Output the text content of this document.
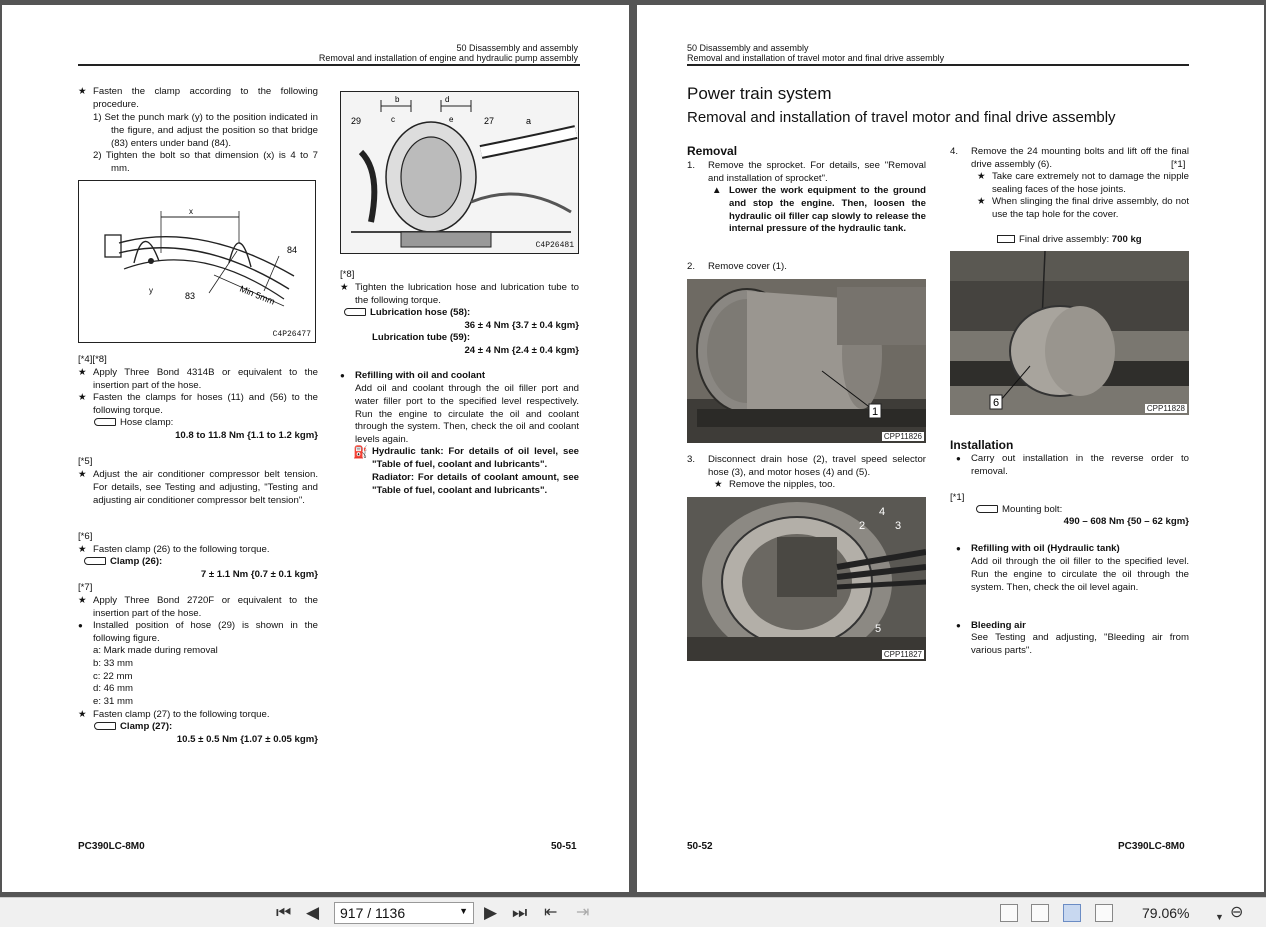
50 Disassembly and assembly
Removal and installation of engine and hydraulic pump assembly
★ Fasten the clamp according to the following procedure.
1) Set the punch mark (y) to the position indicated in the figure, and adjust the position so that bridge (83) enters under band (84).
2) Tighten the bolt so that dimension (x) is 4 to 7 mm.
x
y
83
84
Min 5mm
C4P26477
[*4][*8]
★ Apply Three Bond 4314B or equivalent to the insertion part of the hose.
★ Fasten the clamps for hoses (11) and (56) to the following torque.
Hose clamp:
10.8 to 11.8 Nm {1.1 to 1.2 kgm}
[*5]
★ Adjust the air conditioner compressor belt tension. For details, see Testing and adjusting, "Testing and adjusting air conditioner compressor belt tension".
[*6]
★ Fasten clamp (26) to the following torque.
Clamp (26):
7 ± 1.1 Nm {0.7 ± 0.1 kgm}
[*7]
★ Apply Three Bond 2720F or equivalent to the insertion part of the hose.
● Installed position of hose (29) is shown in the following figure.
a: Mark made during removal
b: 33 mm
c: 22 mm
d: 46 mm
e: 31 mm
★ Fasten clamp (27) to the following torque.
Clamp (27):
10.5 ± 0.5 Nm {1.07 ± 0.05 kgm}
b
c
d
e
29	27	a
C4P26481
[*8]
★ Tighten the lubrication hose and lubrication tube to the following torque.
Lubrication hose (58):
36 ± 4 Nm {3.7 ± 0.4 kgm}
Lubrication tube (59):
24 ± 4 Nm {2.4 ± 0.4 kgm}
● Refilling with oil and coolant
Add oil and coolant through the oil filler port and water filler port to the specified level respectively. Run the engine to circulate the oil and coolant through the system. Then, check the oil and coolant levels again.
⛽ Hydraulic tank: For details of oil level, see "Table of fuel, coolant and lubricants".
Radiator: For details of coolant amount, see "Table of fuel, coolant and lubricants".
PC390LC-8M0	50-51
50 Disassembly and assembly
Removal and installation of travel motor and final drive assembly
Power train system
Removal and installation of travel motor and final drive assembly
Removal
1. Remove the sprocket. For details, see "Removal and installation of sprocket".
▲ Lower the work equipment to the ground and stop the engine. Then, loosen the hydraulic oil filler cap slowly to release the internal pressure of the hydraulic tank.
2. Remove cover (1).
1
CPP11826
3. Disconnect drain hose (2), travel speed selector hose (3), and motor hoses (4) and (5).
★ Remove the nipples, too.
2
4
3
5
CPP11827
4. Remove the 24 mounting bolts and lift off the final drive assembly (6).	[*1]
★ Take care extremely not to damage the nipple sealing faces of the hose joints.
★ When slinging the final drive assembly, do not use the tap hole for the cover.
Final drive assembly: 700 kg
6	CPP11828
Installation
● Carry out installation in the reverse order to removal.
[*1]
Mounting bolt:
490 – 608 Nm {50 – 62 kgm}
● Refilling with oil (Hydraulic tank)
Add oil through the oil filler to the specified level. Run the engine to circulate the oil through the system. Then, check the oil level again.
● Bleeding air
See Testing and adjusting, "Bleeding air from various parts".
50-52	PC390LC-8M0
⏮ ◀	917 / 1136	▼ ▶ ⏭ ⇤ ⇥	79.06%	▼ ⊖
